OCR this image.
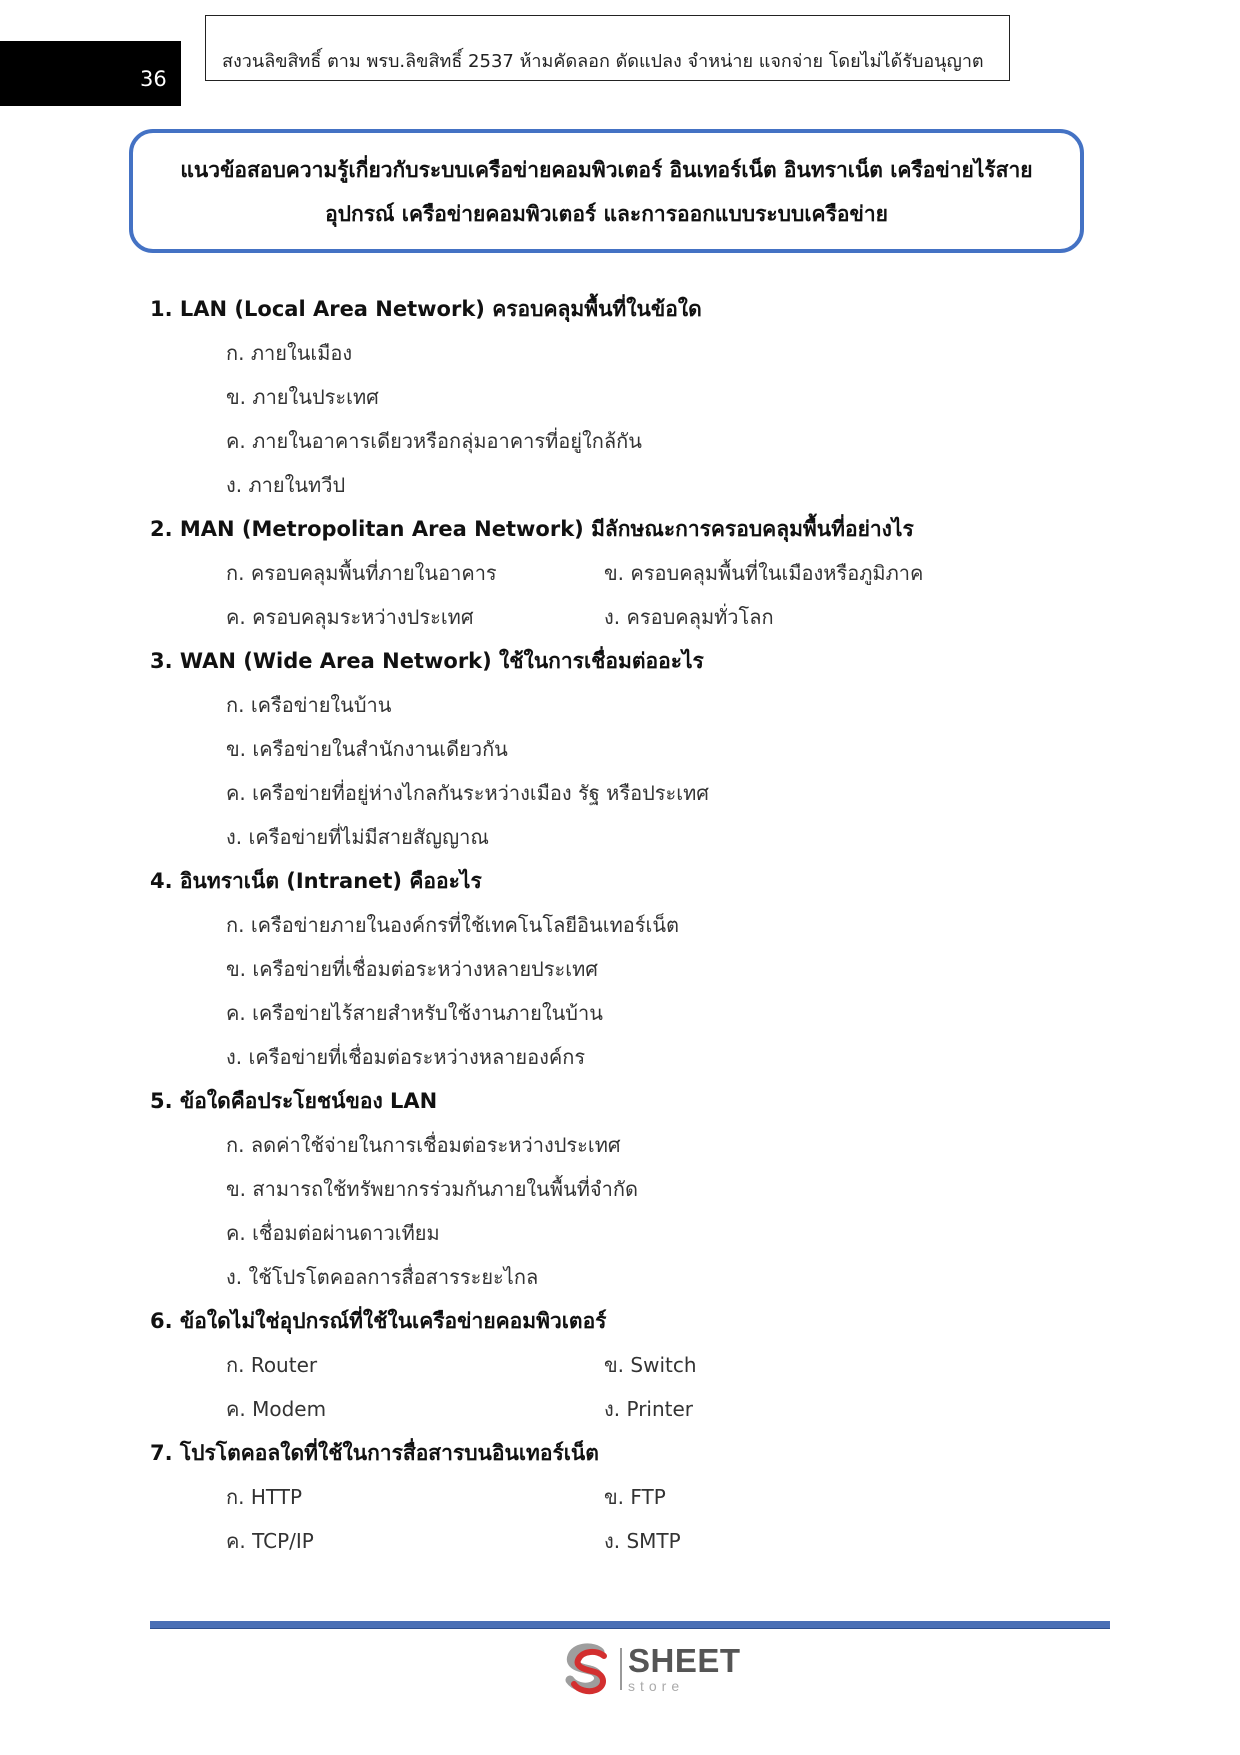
36
สงวนลิขสิทธิ์ ตาม พรบ.ลิขสิทธิ์ 2537 ห้ามคัดลอก ดัดแปลง จำหน่าย แจกจ่าย โดยไม่ได้รับอนุญาต
แนวข้อสอบความรู้เกี่ยวกับระบบเครือข่ายคอมพิวเตอร์ อินเทอร์เน็ต อินทราเน็ต เครือข่ายไร้สาย
อุปกรณ์ เครือข่ายคอมพิวเตอร์ และการออกแบบระบบเครือข่าย
1. LAN (Local Area Network) ครอบคลุมพื้นที่ในข้อใด
ก. ภายในเมือง
ข. ภายในประเทศ
ค. ภายในอาคารเดียวหรือกลุ่มอาคารที่อยู่ใกล้กัน
ง. ภายในทวีป
2. MAN (Metropolitan Area Network) มีลักษณะการครอบคลุมพื้นที่อย่างไร
ก. ครอบคลุมพื้นที่ภายในอาคาร	ข. ครอบคลุมพื้นที่ในเมืองหรือภูมิภาค
ค. ครอบคลุมระหว่างประเทศ	ง. ครอบคลุมทั่วโลก
3. WAN (Wide Area Network) ใช้ในการเชื่อมต่ออะไร
ก. เครือข่ายในบ้าน
ข. เครือข่ายในสำนักงานเดียวกัน
ค. เครือข่ายที่อยู่ห่างไกลกันระหว่างเมือง รัฐ หรือประเทศ
ง. เครือข่ายที่ไม่มีสายสัญญาณ
4. อินทราเน็ต (Intranet) คืออะไร
ก. เครือข่ายภายในองค์กรที่ใช้เทคโนโลยีอินเทอร์เน็ต
ข. เครือข่ายที่เชื่อมต่อระหว่างหลายประเทศ
ค. เครือข่ายไร้สายสำหรับใช้งานภายในบ้าน
ง. เครือข่ายที่เชื่อมต่อระหว่างหลายองค์กร
5. ข้อใดคือประโยชน์ของ LAN
ก. ลดค่าใช้จ่ายในการเชื่อมต่อระหว่างประเทศ
ข. สามารถใช้ทรัพยากรร่วมกันภายในพื้นที่จำกัด
ค. เชื่อมต่อผ่านดาวเทียม
ง. ใช้โปรโตคอลการสื่อสารระยะไกล
6. ข้อใดไม่ใช่อุปกรณ์ที่ใช้ในเครือข่ายคอมพิวเตอร์
ก. Router	ข. Switch
ค. Modem	ง. Printer
7. โปรโตคอลใดที่ใช้ในการสื่อสารบนอินเทอร์เน็ต
ก. HTTP	ข. FTP
ค. TCP/IP	ง. SMTP
SHEET
store
